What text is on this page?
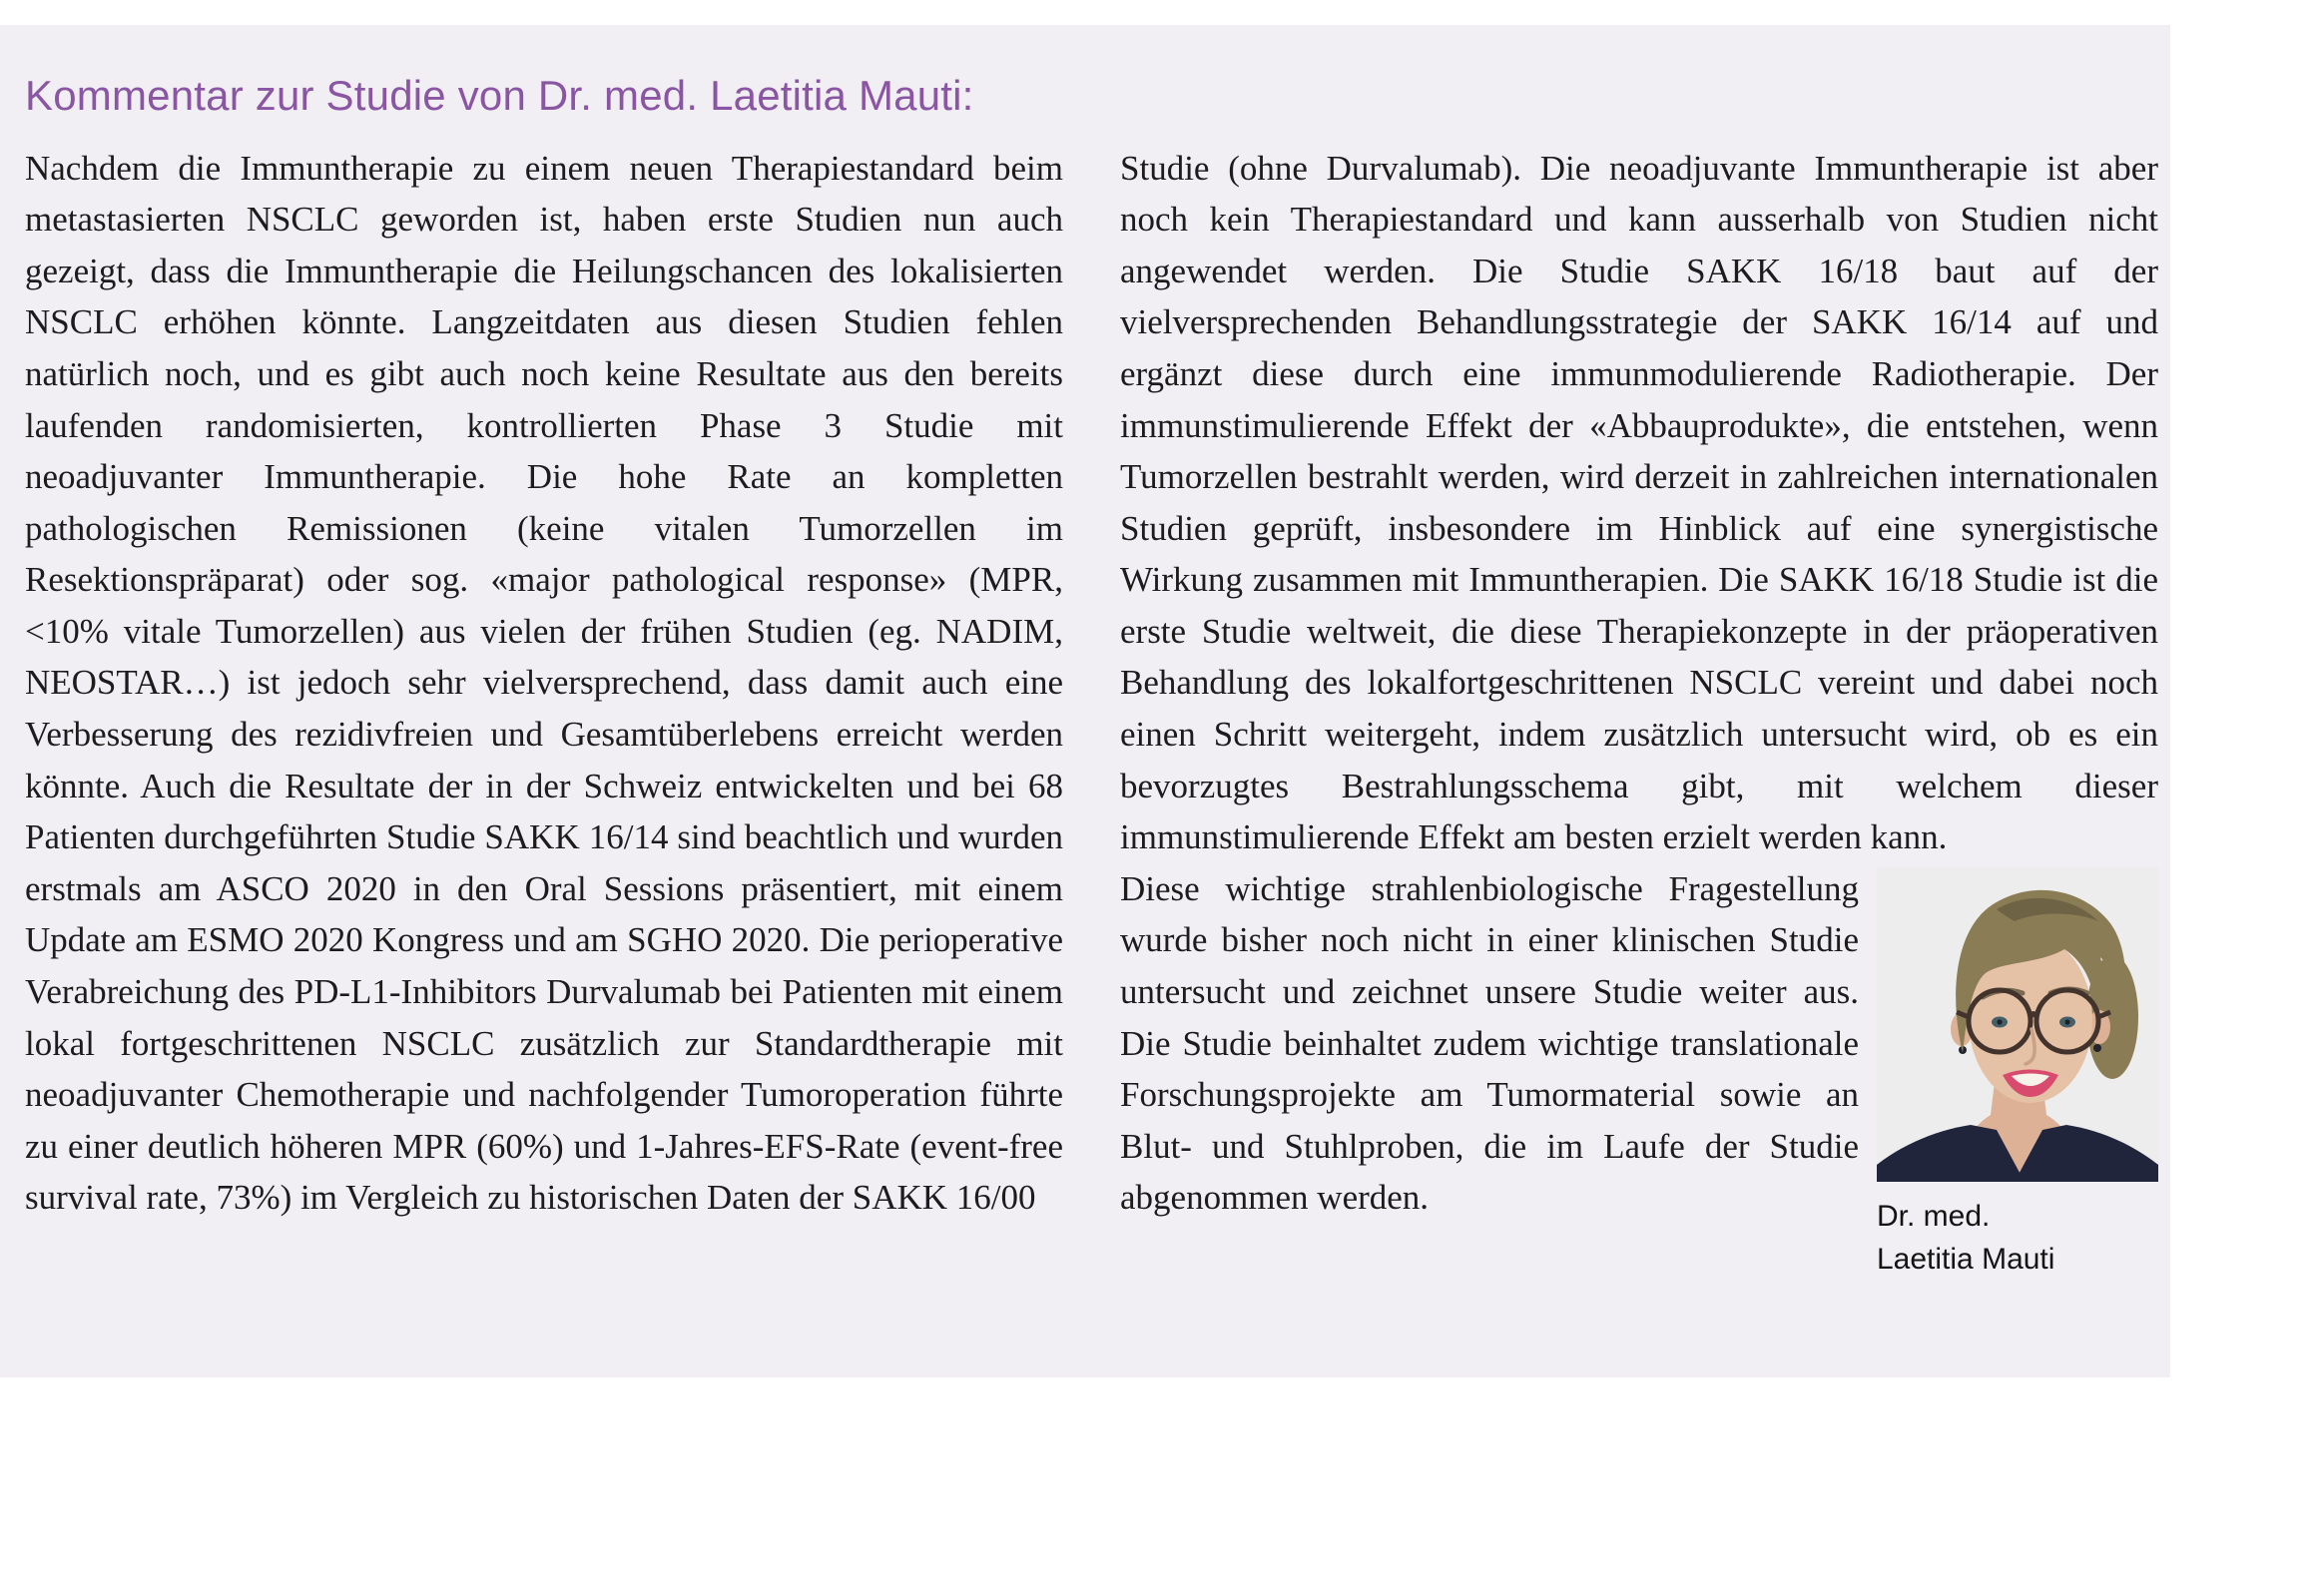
Kommentar zur Studie von Dr. med. Laetitia Mauti:

Nachdem die Immuntherapie zu einem neuen Therapiestandard beim metastasierten NSCLC geworden ist, haben erste Studien nun auch gezeigt, dass die Immuntherapie die Heilungschancen des lokalisierten NSCLC erhöhen könnte. Langzeitdaten aus diesen Studien fehlen natürlich noch, und es gibt auch noch keine Resultate aus den bereits laufenden randomisierten, kontrollierten Phase 3 Studie mit neoadjuvanter Immuntherapie. Die hohe Rate an kompletten pathologischen Remissionen (keine vitalen Tumorzellen im Resektionspräparat) oder sog. «major pathological response» (MPR, <10% vitale Tumorzellen) aus vielen der frühen Studien (eg. NADIM, NEOSTAR…) ist jedoch sehr vielversprechend, dass damit auch eine Verbesserung des rezidivfreien und Gesamtüberlebens erreicht werden könnte. Auch die Resultate der in der Schweiz entwickelten und bei 68 Patienten durchgeführten Studie SAKK 16/14 sind beachtlich und wurden erstmals am ASCO 2020 in den Oral Sessions präsentiert, mit einem Update am ESMO 2020 Kongress und am SGHO 2020. Die perioperative Verabreichung des PD-L1-Inhibitors Durvalumab bei Patienten mit einem lokal fortgeschrittenen NSCLC zusätzlich zur Standardtherapie mit neoadjuvanter Chemotherapie und nachfolgender Tumoroperation führte zu einer deutlich höheren MPR (60%) und 1-Jahres-EFS-Rate (event-free survival rate, 73%) im Vergleich zu historischen Daten der SAKK 16/00

Studie (ohne Durvalumab). Die neoadjuvante Immuntherapie ist aber noch kein Therapiestandard und kann ausserhalb von Studien nicht angewendet werden. Die Studie SAKK 16/18 baut auf der vielversprechenden Behandlungsstrategie der SAKK 16/14 auf und ergänzt diese durch eine immunmodulierende Radiotherapie. Der immunstimulierende Effekt der «Abbauprodukte», die entstehen, wenn Tumorzellen bestrahlt werden, wird derzeit in zahlreichen internationalen Studien geprüft, insbesondere im Hinblick auf eine synergistische Wirkung zusammen mit Immuntherapien. Die SAKK 16/18 Studie ist die erste Studie weltweit, die diese Therapiekonzepte in der präoperativen Behandlung des lokalfortgeschrittenen NSCLC vereint und dabei noch einen Schritt weitergeht, indem zusätzlich untersucht wird, ob es ein bevorzugtes Bestrahlungsschema gibt, mit welchem dieser immunstimulierende Effekt am besten erzielt werden kann.

Dr. med.
Laetitia Mauti

Diese wichtige strahlenbiologische Fragestellung wurde bisher noch nicht in einer klinischen Studie untersucht und zeichnet unsere Studie weiter aus. Die Studie beinhaltet zudem wichtige translationale Forschungsprojekte am Tumormaterial sowie an Blut- und Stuhlproben, die im Laufe der Studie abgenommen werden.
